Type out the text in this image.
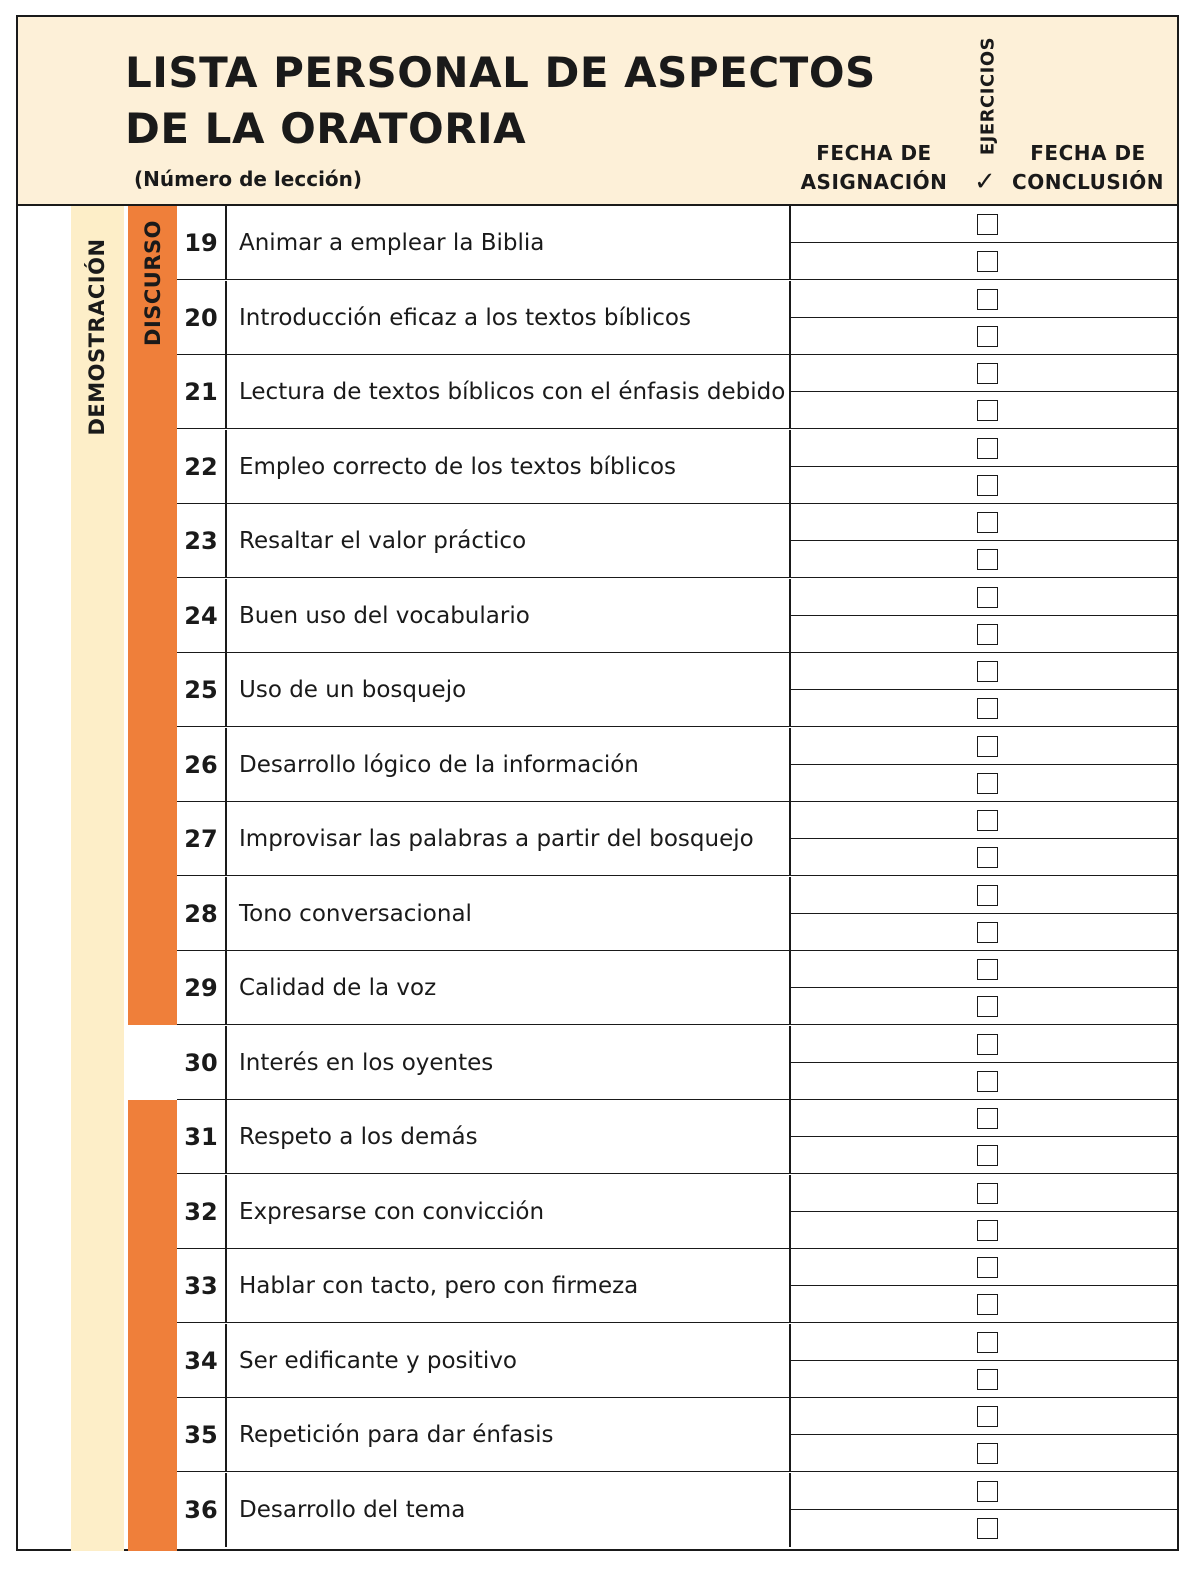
LISTA PERSONAL DE ASPECTOS
DE LA ORATORIA
(Número de lección)
FECHA DE
ASIGNACIÓN
EJERCICIOS
✓
FECHA DE
CONCLUSIÓN
DEMOSTRACIÓN DISCURSO 19 Animar a emplear la Biblia
20 Introducción eficaz a los textos bíblicos
21 Lectura de textos bíblicos con el énfasis debido
22 Empleo correcto de los textos bíblicos
23 Resaltar el valor práctico
24 Buen uso del vocabulario
25 Uso de un bosquejo
26 Desarrollo lógico de la información
27 Improvisar las palabras a partir del bosquejo
28 Tono conversacional
29 Calidad de la voz
30 Interés en los oyentes
31 Respeto a los demás
32 Expresarse con convicción
33 Hablar con tacto, pero con firmeza
34 Ser edificante y positivo
35 Repetición para dar énfasis
36 Desarrollo del tema
